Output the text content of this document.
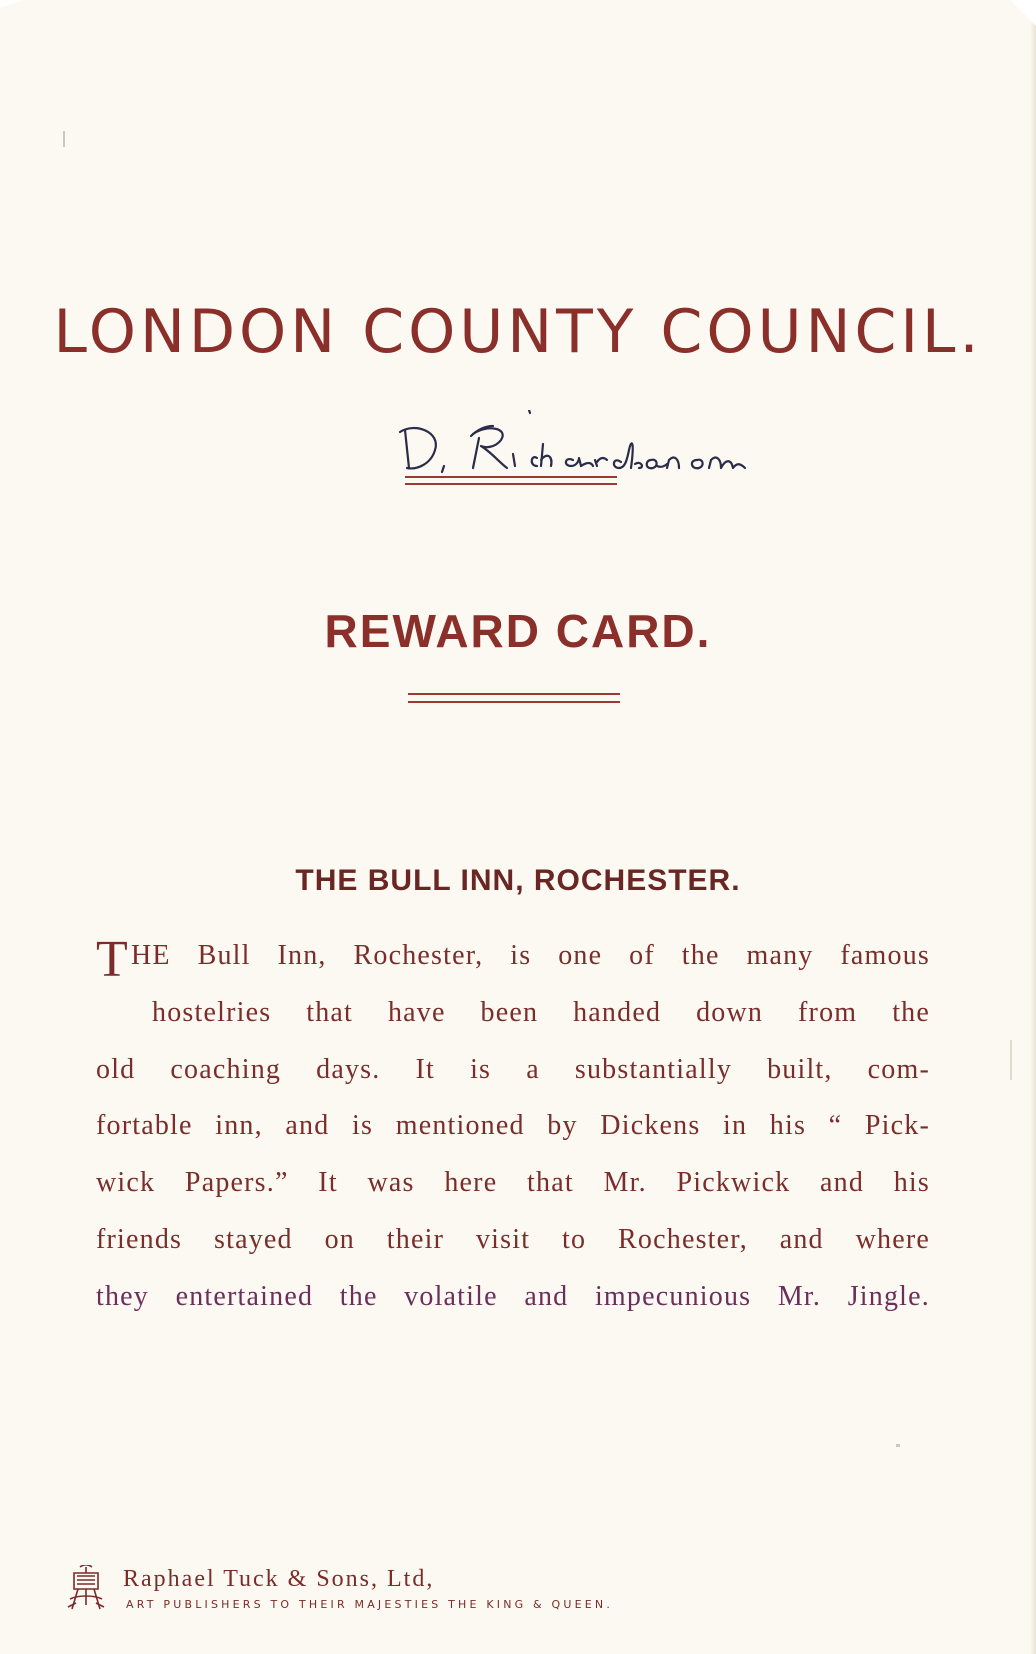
LONDON COUNTY COUNCIL.
REWARD CARD.
THE BULL INN, ROCHESTER.
THE Bull Inn, Rochester, is one of the many famous
hostelries that have been handed down from the
old coaching days. It is a substantially built, com-
fortable inn, and is mentioned by Dickens in his “ Pick-
wick Papers.” It was here that Mr. Pickwick and his
friends stayed on their visit to Rochester, and where
they entertained the volatile and impecunious Mr. Jingle.
Raphael Tuck & Sons, Ltd,
ART PUBLISHERS TO THEIR MAJESTIES THE KING & QUEEN.
